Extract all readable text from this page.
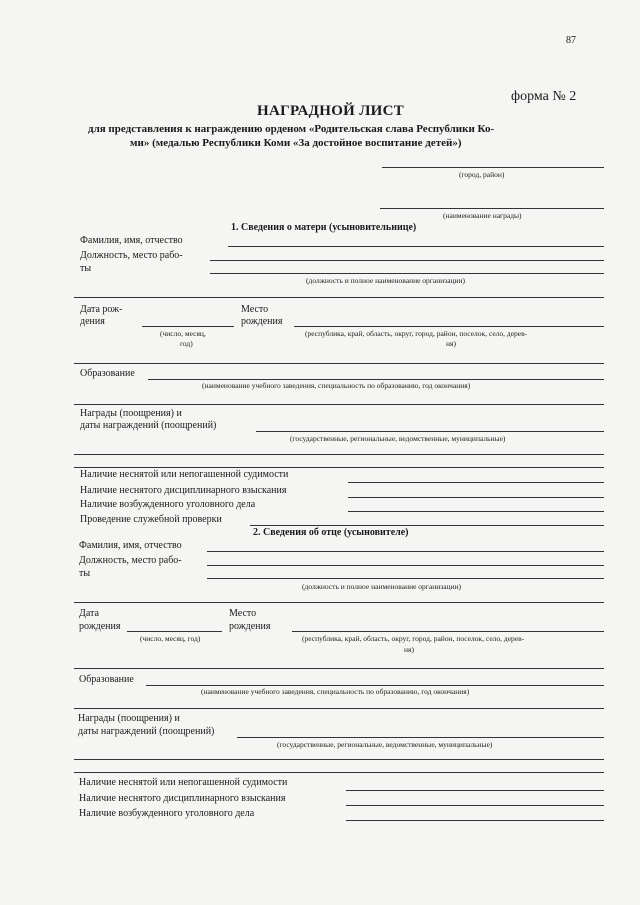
87
форма № 2
НАГРАДНОЙ ЛИСТ
для представления к награждению орденом «Родительская слава Республики Ко-
ми» (медалью Республики Коми «За достойное воспитание детей»)
(город, район)
(наименование награды)
1. Сведения о матери (усыновительнице)
Фамилия, имя, отчество
Должность, место рабо-
ты
(должность и полное наименование организации)
Дата рож-
дения
(число, месяц,
год)
Место
рождения
(республика, край, область, округ, город, район, поселок, село, дерев-
ня)
Образование
(наименование учебного заведения, специальность по образованию, год окончания)
Награды (поощрения) и
даты награждений (поощрений)
(государственные, региональные, ведомственные, муниципальные)
Наличие неснятой или непогашенной судимости
Наличие неснятого дисциплинарного взыскания
Наличие возбужденного уголовного дела
Проведение служебной проверки
2. Сведения об отце (усыновителе)
Фамилия, имя, отчество
Должность, место рабо-
ты
(должность и полное наименование организации)
Дата
рождения
(число, месяц, год)
Место
рождения
(республика, край, область, округ, город, район, поселок, село, дерев-
ня)
Образование
(наименование учебного заведения, специальность по образованию, год окончания)
Награды (поощрения) и
даты награждений (поощрений)
(государственные, региональные, ведомственные, муниципальные)
Наличие неснятой или непогашенной судимости
Наличие неснятого дисциплинарного взыскания
Наличие возбужденного уголовного дела
